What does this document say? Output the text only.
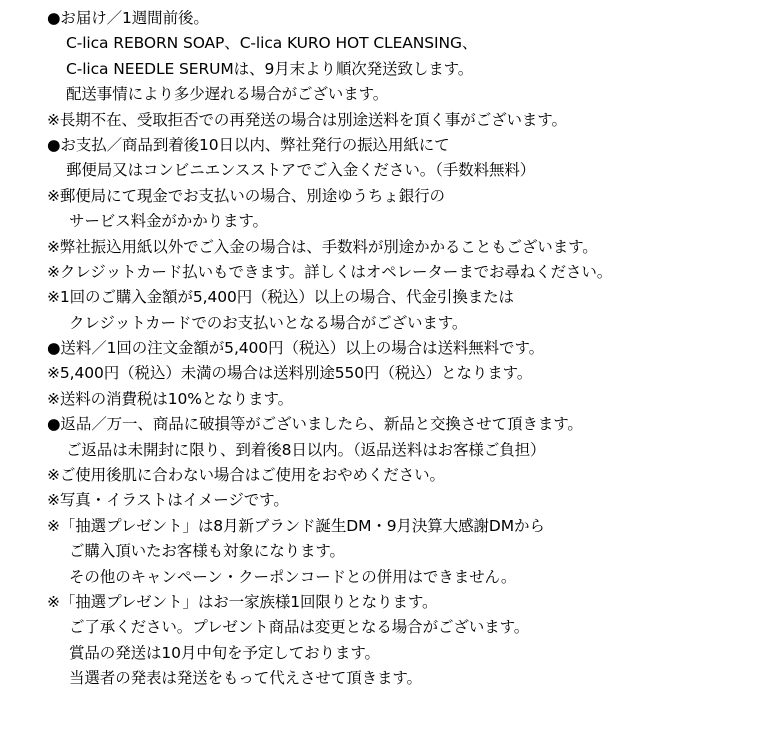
●お届け／1週間前後。
C-lica REBORN SOAP、C-lica KURO HOT CLEANSING、
C-lica NEEDLE SERUMは、9月末より順次発送致します。
配送事情により多少遅れる場合がございます。
※長期不在、受取拒否での再発送の場合は別途送料を頂く事がございます。
●お支払／商品到着後10日以内、弊社発行の振込用紙にて
郵便局又はコンビニエンスストアでご入金ください。（手数料無料）
※郵便局にて現金でお支払いの場合、別途ゆうちょ銀行の
サービス料金がかかります。
※弊社振込用紙以外でご入金の場合は、手数料が別途かかることもございます。
※クレジットカード払いもできます。詳しくはオペレーターまでお尋ねください。
※1回のご購入金額が5,400円（税込）以上の場合、代金引換または
クレジットカードでのお支払いとなる場合がございます。
●送料／1回の注文金額が5,400円（税込）以上の場合は送料無料です。
※5,400円（税込）未満の場合は送料別途550円（税込）となります。
※送料の消費税は10%となります。
●返品／万一、商品に破損等がございましたら、新品と交換させて頂きます。
ご返品は未開封に限り、到着後8日以内。（返品送料はお客様ご負担）
※ご使用後肌に合わない場合はご使用をおやめください。
※写真・イラストはイメージです。
※「抽選プレゼント」は8月新ブランド誕生DM・9月決算大感謝DMから
ご購入頂いたお客様も対象になります。
その他のキャンペーン・クーポンコードとの併用はできません。
※「抽選プレゼント」はお一家族様1回限りとなります。
ご了承ください。プレゼント商品は変更となる場合がございます。
賞品の発送は10月中旬を予定しております。
当選者の発表は発送をもって代えさせて頂きます。
